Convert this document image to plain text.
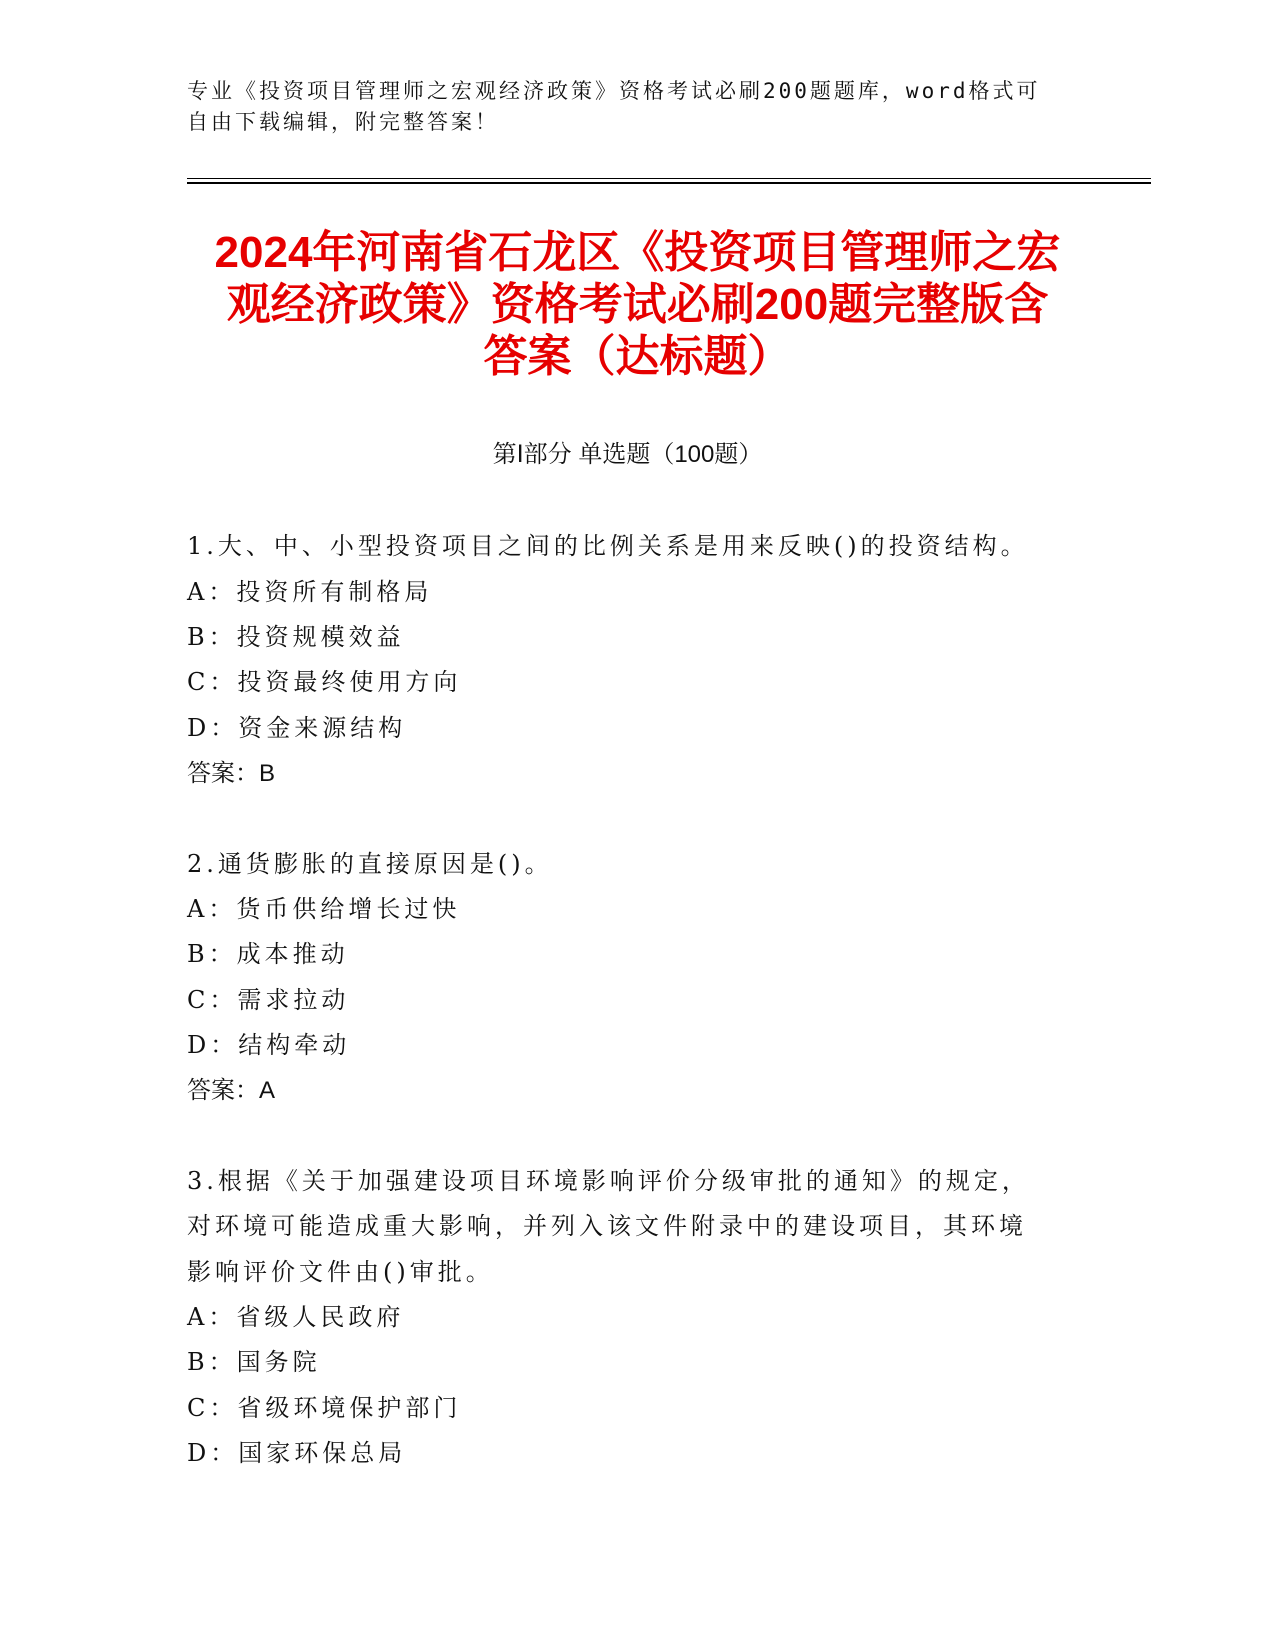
专业《投资项目管理师之宏观经济政策》资格考试必刷200题题库，word格式可
自由下载编辑，附完整答案！
2024年河南省石龙区《投资项目管理师之宏
观经济政策》资格考试必刷200题完整版含
答案（达标题）
第Ⅰ部分 单选题（100题）
1.大、中、小型投资项目之间的比例关系是用来反映()的投资结构。
A：投资所有制格局
B：投资规模效益
C：投资最终使用方向
D：资金来源结构
答案：B
2.通货膨胀的直接原因是()。
A：货币供给增长过快
B：成本推动
C：需求拉动
D：结构牵动
答案：A
3.根据《关于加强建设项目环境影响评价分级审批的通知》的规定，
对环境可能造成重大影响，并列入该文件附录中的建设项目，其环境
影响评价文件由()审批。
A：省级人民政府
B：国务院
C：省级环境保护部门
D：国家环保总局
